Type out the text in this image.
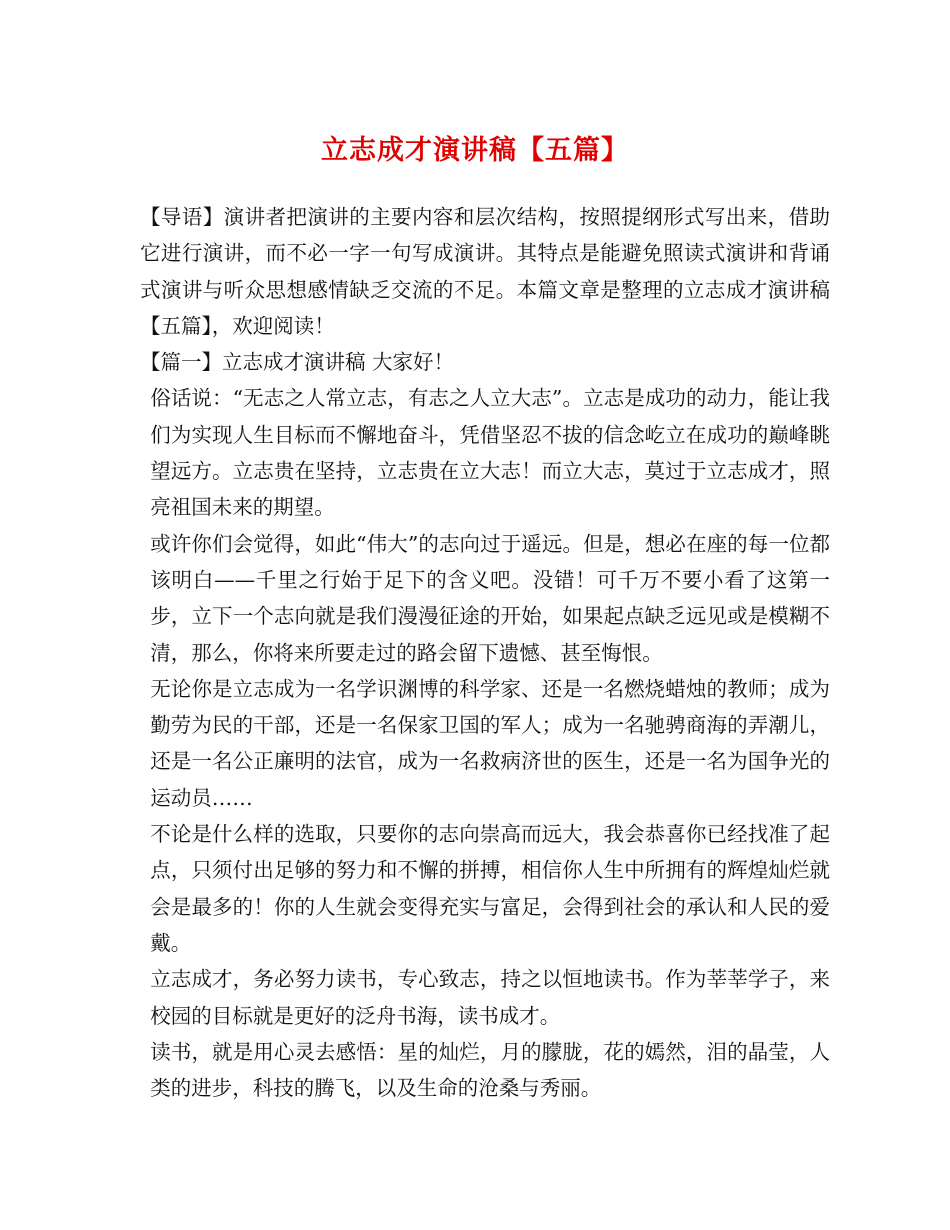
立志成才演讲稿【五篇】

【导语】演讲者把演讲的主要内容和层次结构，按照提纲形式写出来，借助它进行演讲，而不必一字一句写成演讲。其特点是能避免照读式演讲和背诵式演讲与听众思想感情缺乏交流的不足。本篇文章是整理的立志成才演讲稿【五篇】，欢迎阅读！

【篇一】立志成才演讲稿 大家好！

俗话说：“无志之人常立志，有志之人立大志”。立志是成功的动力，能让我们为实现人生目标而不懈地奋斗，凭借坚忍不拔的信念屹立在成功的巅峰眺望远方。立志贵在坚持，立志贵在立大志！而立大志，莫过于立志成才，照亮祖国未来的期望。

或许你们会觉得，如此“伟大”的志向过于遥远。但是，想必在座的每一位都该明白——千里之行始于足下的含义吧。没错！可千万不要小看了这第一步，立下一个志向就是我们漫漫征途的开始，如果起点缺乏远见或是模糊不清，那么，你将来所要走过的路会留下遗憾、甚至悔恨。

无论你是立志成为一名学识渊博的科学家、还是一名燃烧蜡烛的教师；成为勤劳为民的干部，还是一名保家卫国的军人；成为一名驰骋商海的弄潮儿，还是一名公正廉明的法官，成为一名救病济世的医生，还是一名为国争光的运动员……

不论是什么样的选取，只要你的志向崇高而远大，我会恭喜你已经找准了起点，只须付出足够的努力和不懈的拼搏，相信你人生中所拥有的辉煌灿烂就会是最多的！你的人生就会变得充实与富足，会得到社会的承认和人民的爱戴。

立志成才，务必努力读书，专心致志，持之以恒地读书。作为莘莘学子，来校园的目标就是更好的泛舟书海，读书成才。

读书，就是用心灵去感悟：星的灿烂，月的朦胧，花的嫣然，泪的晶莹，人类的进步，科技的腾飞，以及生命的沧桑与秀丽。
